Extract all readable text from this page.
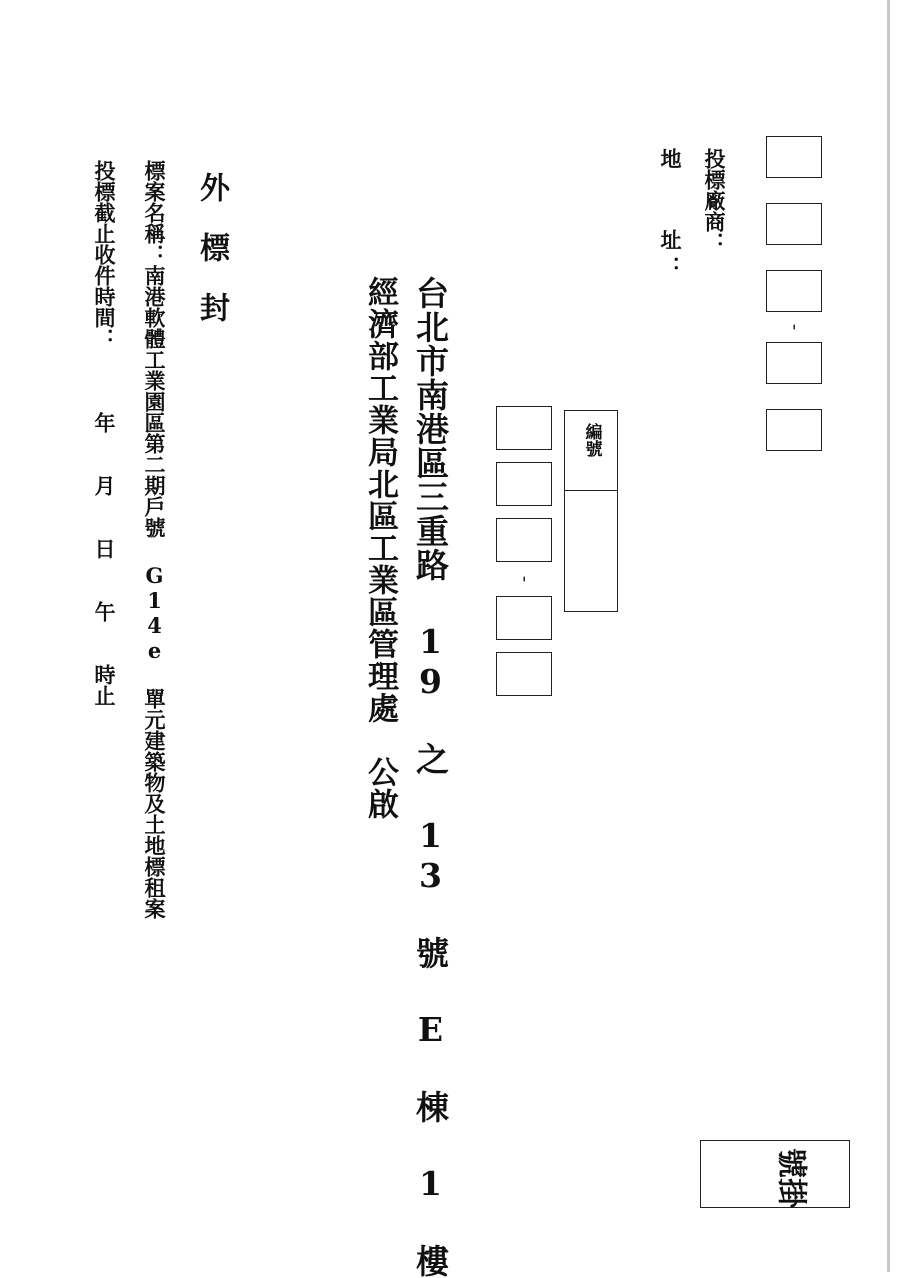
-
投標廠商：
地　　址：
編號
-
台北市南港區三重路 19 之 13 號 E 棟 1 樓
經濟部工業局北區工業區管理處　公啟
外　標　封
標案名稱：南港軟體工業園區第二期戶號 G14e 單元建築物及土地標租案
投標截止收件時間：　　　年　　月　　日　　午　　時止
掛號
